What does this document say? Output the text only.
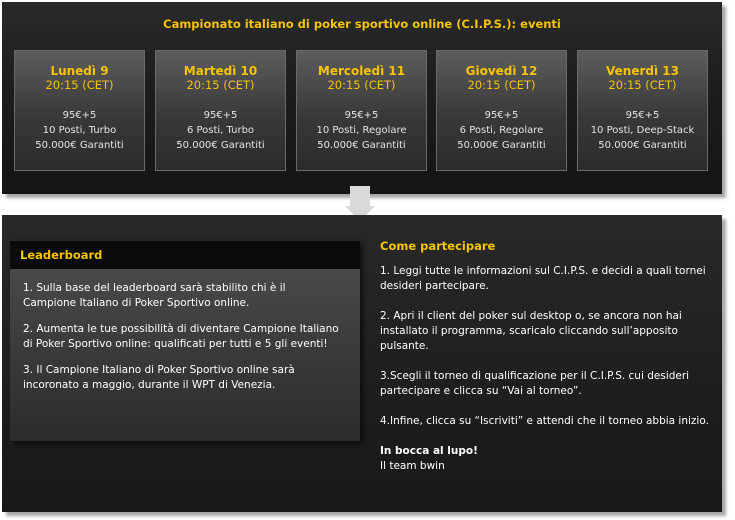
Campionato italiano di poker sportivo online (C.I.P.S.): eventi
Lunedì 9
20:15 (CET)
95€+5
10 Posti, Turbo
50.000€ Garantiti
Martedì 10
20:15 (CET)
95€+5
6 Posti, Turbo
50.000€ Garantiti
Mercoledì 11
20:15 (CET)
95€+5
10 Posti, Regolare
50.000€ Garantiti
Giovedì 12
20:15 (CET)
95€+5
6 Posti, Regolare
50.000€ Garantiti
Venerdì 13
20:15 (CET)
95€+5
10 Posti, Deep-Stack
50.000€ Garantiti
Leaderboard

1. Sulla base del leaderboard sarà stabilito chi è il Campione Italiano di Poker Sportivo online.

2. Aumenta le tue possibilità di diventare Campione Italiano di Poker Sportivo online: qualificati per tutti e 5 gli eventi!

3. Il Campione Italiano di Poker Sportivo online sarà incoronato a maggio, durante il WPT di Venezia.

Come partecipare
1. Leggi tutte le informazioni sul C.I.P.S. e decidi a quali tornei desideri partecipare.
2. Apri il client del poker sul desktop o, se ancora non hai installato il programma, scaricalo cliccando sull’apposito pulsante.
3.Scegli il torneo di qualificazione per il C.I.P.S. cui desideri partecipare e clicca su “Vai al torneo”.
4.Infine, clicca su “Iscriviti” e attendi che il torneo abbia inizio.
In bocca al lupo!
Il team bwin
